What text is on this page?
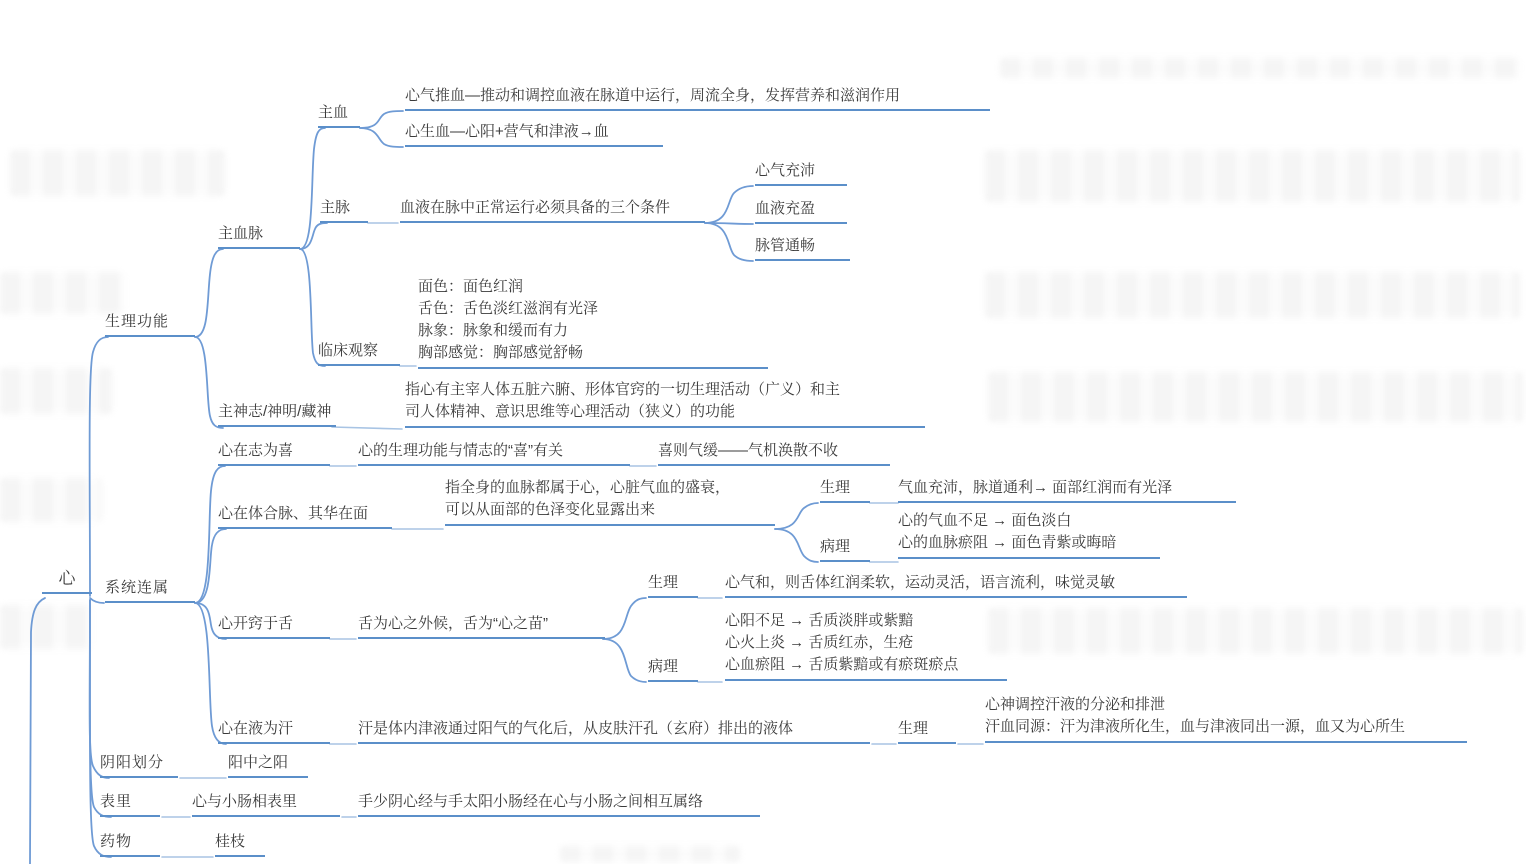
心
生理功能
系统连属
阴阳划分
表里
药物
主血脉
主血
心气推血—推动和调控血液在脉道中运行，周流全身，发挥营养和滋润作用
心生血—心阳+营气和津液→血
主脉	血液在脉中正常运行必须具备的三个条件
心气充沛
血液充盈
脉管通畅
临床观察
面色：面色红润
舌色：舌色淡红滋润有光泽
脉象：脉象和缓而有力
胸部感觉：胸部感觉舒畅
主神志/神明/藏神
指心有主宰人体五脏六腑、形体官窍的一切生理活动（广义）和主
司人体精神、意识思维等心理活动（狭义）的功能
心在志为喜	心的生理功能与情志的“喜”有关	喜则气缓——气机涣散不收
心在体合脉、其华在面
指全身的血脉都属于心，心脏气血的盛衰，
可以从面部的色泽变化显露出来
生理	气血充沛，脉道通利→ 面部红润而有光泽
病理
心的气血不足 → 面色淡白
心的血脉瘀阻 → 面色青紫或晦暗
心开窍于舌	舌为心之外候，舌为“心之苗”
生理	心气和，则舌体红润柔软，运动灵活，语言流利，味觉灵敏
病理
心阳不足 → 舌质淡胖或紫黯
心火上炎 → 舌质红赤，生疮
心血瘀阻 → 舌质紫黯或有瘀斑瘀点
心在液为汗	汗是体内津液通过阳气的气化后，从皮肤汗孔（玄府）排出的液体	生理
心神调控汗液的分泌和排泄
汗血同源：汗为津液所化生，血与津液同出一源，血又为心所生
阳中之阳
心与小肠相表里	手少阴心经与手太阳小肠经在心与小肠之间相互属络
桂枝
